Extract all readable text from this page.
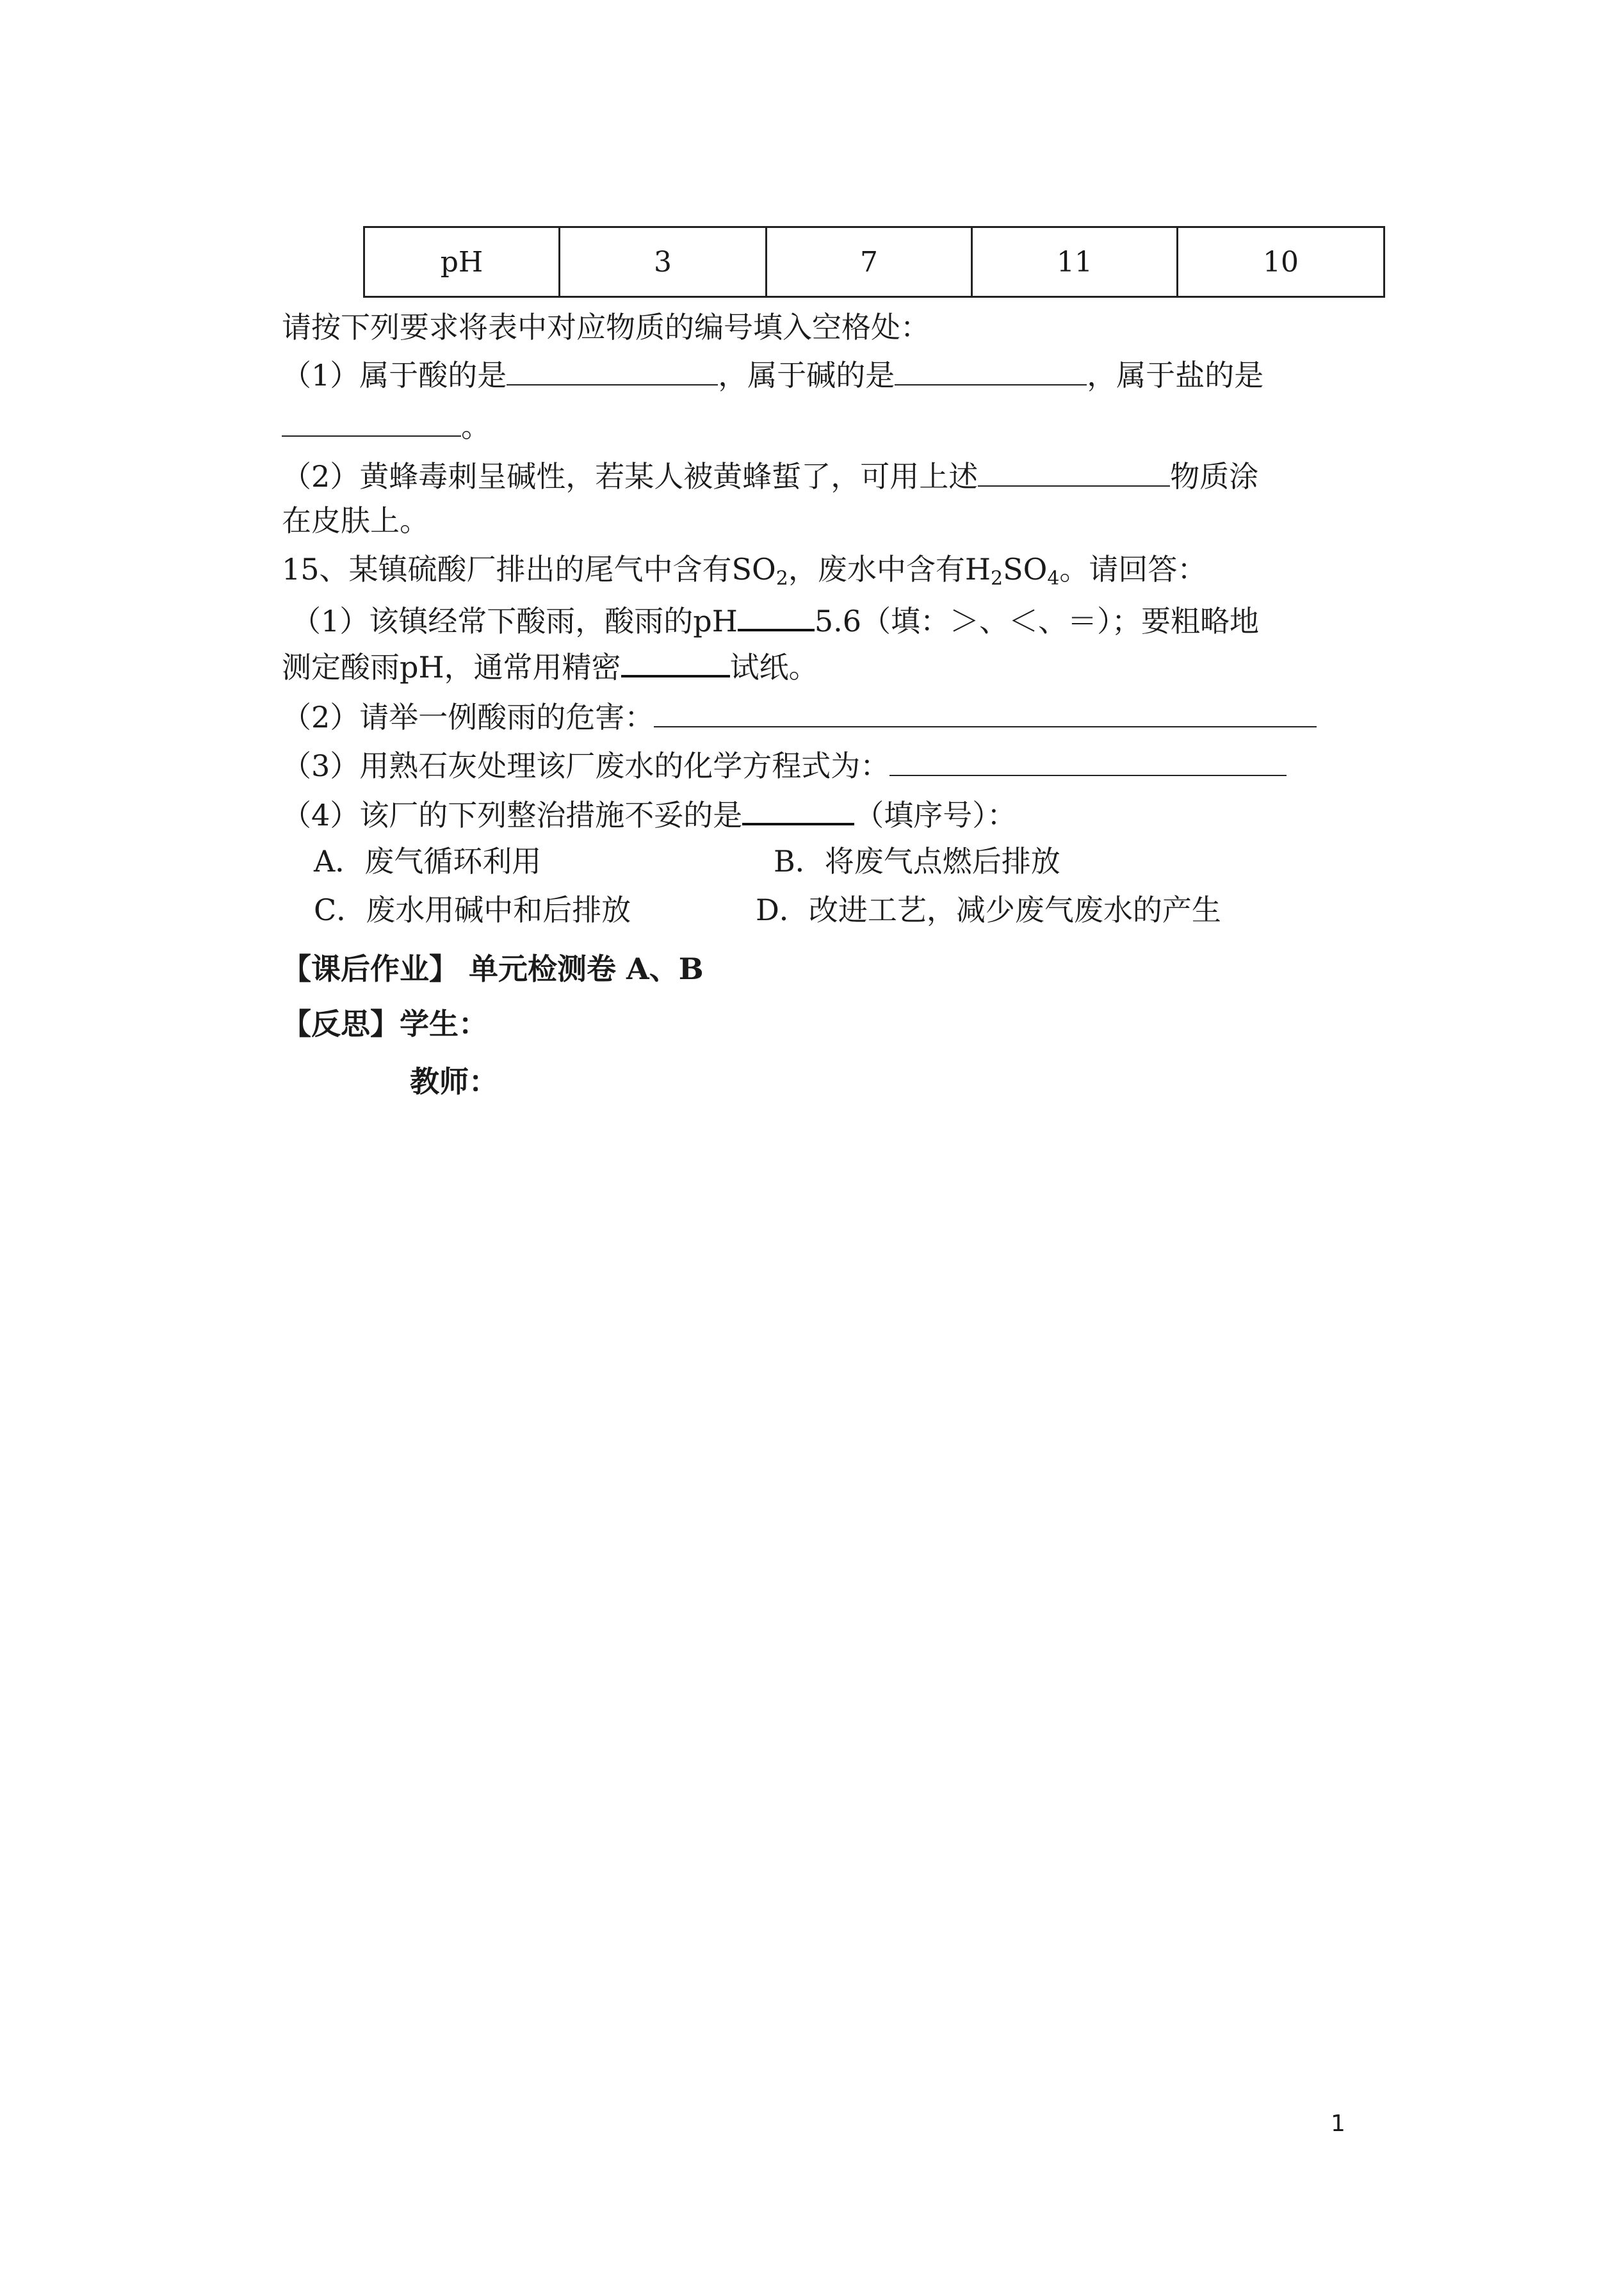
pH	3	7	11	10
请按下列要求将表中对应物质的编号填入空格处：
（1）属于酸的是	，属于碱的是	，属于盐的是
。
（2）黄蜂毒刺呈碱性，若某人被黄蜂蜇了，可用上述	物质涂
在皮肤上。
15、某镇硫酸厂排出的尾气中含有$SO_2$，废水中含有$H_2SO_4$。请回答：
（1）该镇经常下酸雨，酸雨的pH	5.6（填：＞、＜、＝）；要粗略地
测定酸雨pH，通常用精密	试纸。
（2）请举一例酸雨的危害：
（3）用熟石灰处理该厂废水的化学方程式为：
（4）该厂的下列整治措施不妥的是	（填序号）：
A．废气循环利用	B．将废气点燃后排放
C．废水用碱中和后排放	D．改进工艺，减少废气废水的产生
【课后作业】 单元检测卷 A、B
【反思】学生：
教师：
1
